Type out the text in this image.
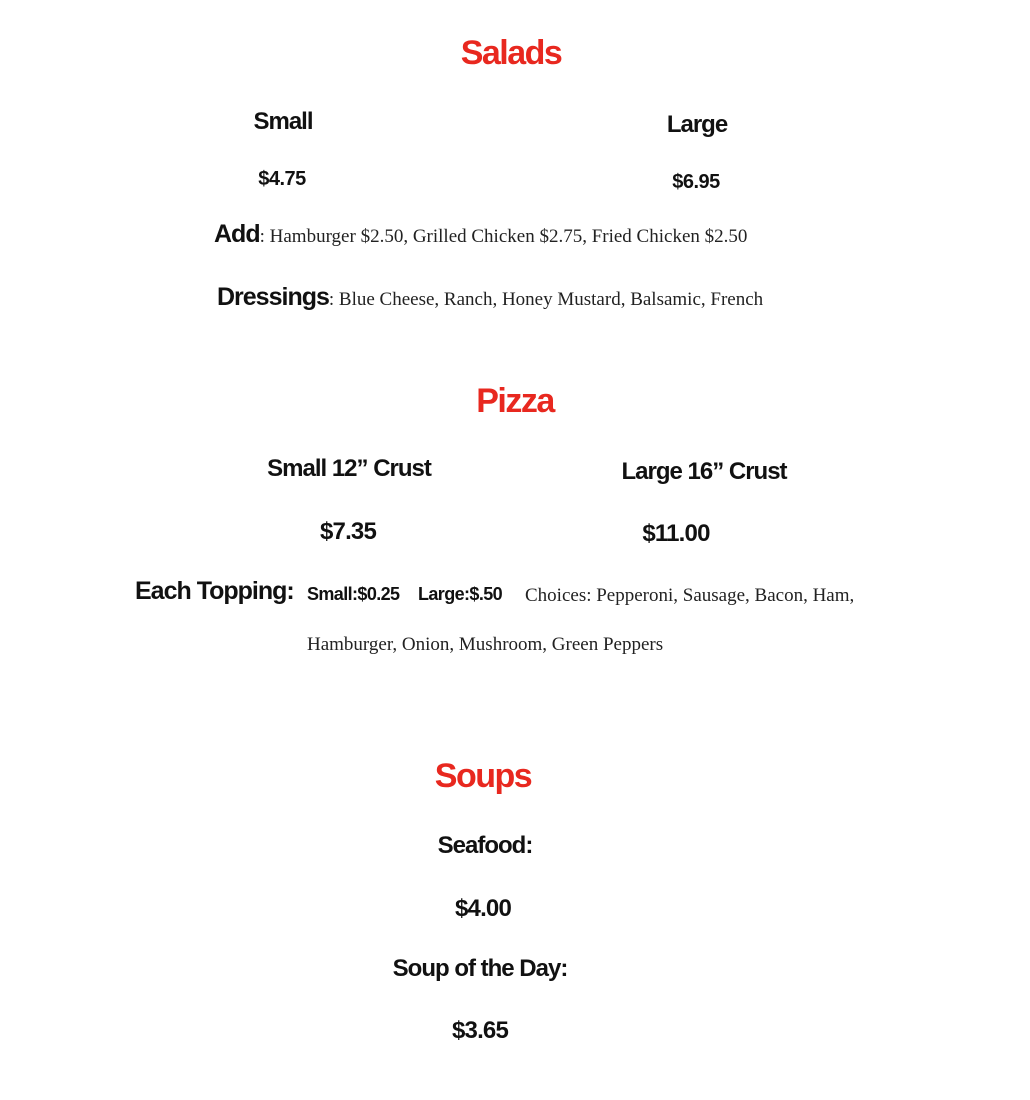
Salads
Small	Large
$4.75	$6.95
Add: Hamburger $2.50, Grilled Chicken $2.75, Fried Chicken $2.50
Dressings: Blue Cheese, Ranch, Honey Mustard, Balsamic, French
Pizza
Small 12” Crust	Large 16” Crust
$7.35	$11.00
Each Topping: Small:$0.25 Large:$.50 Choices: Pepperoni, Sausage, Bacon, Ham,
Hamburger, Onion, Mushroom, Green Peppers
Soups
Seafood:
$4.00
Soup of the Day:
$3.65
